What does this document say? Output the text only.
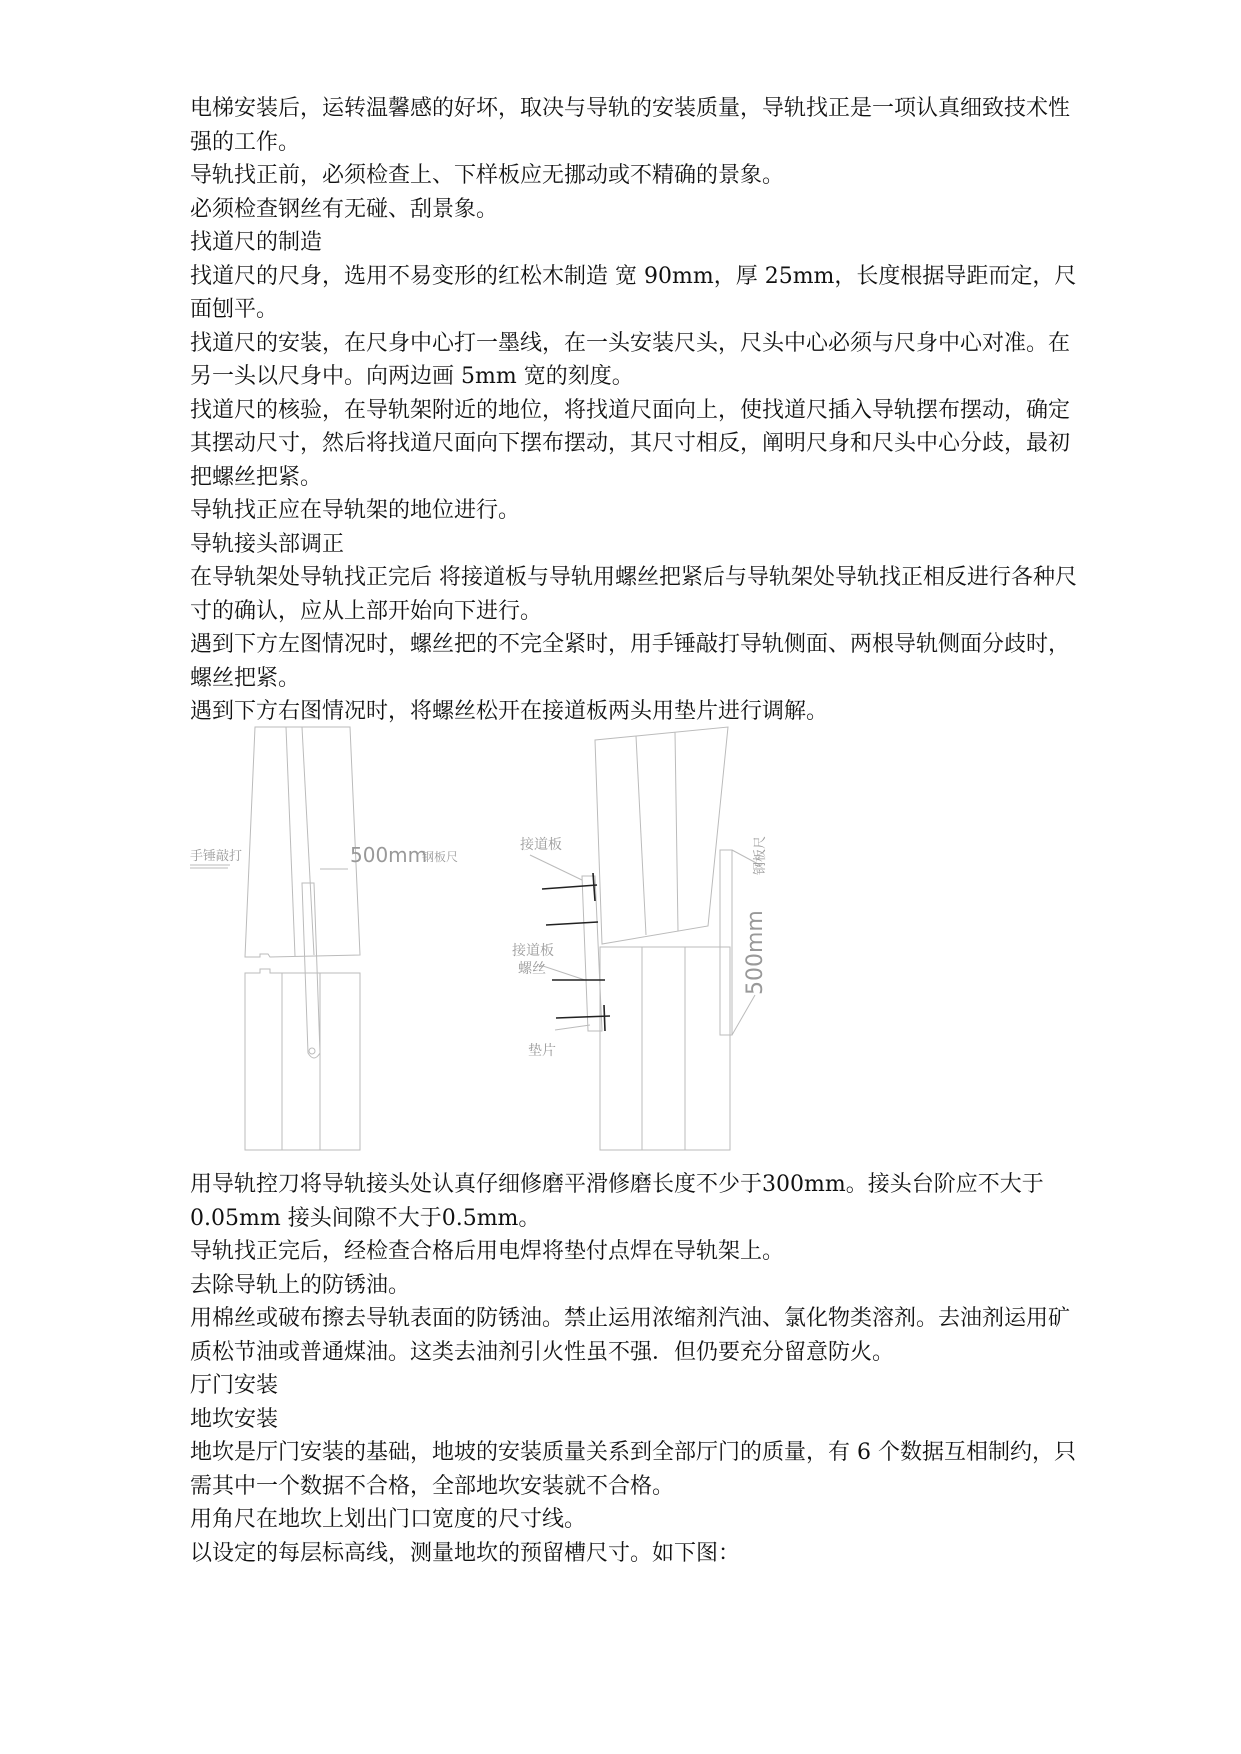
电梯安装后，运转温馨感的好坏，取决与导轨的安装质量，导轨找正是一项认真细致技术性强的工作。

导轨找正前，必须检查上、下样板应无挪动或不精确的景象。

必须检查钢丝有无碰、刮景象。

找道尺的制造

找道尺的尺身，选用不易变形的红松木制造 宽 90mm，厚 25mm，长度根据导距而定，尺面刨平。

找道尺的安装，在尺身中心打一墨线，在一头安装尺头，尺头中心必须与尺身中心对准。在另一头以尺身中。向两边画 5mm 宽的刻度。

找道尺的核验，在导轨架附近的地位，将找道尺面向上，使找道尺插入导轨摆布摆动，确定其摆动尺寸，然后将找道尺面向下摆布摆动，其尺寸相反，阐明尺身和尺头中心分歧，最初把螺丝把紧。

导轨找正应在导轨架的地位进行。

导轨接头部调正

在导轨架处导轨找正完后 将接道板与导轨用螺丝把紧后与导轨架处导轨找正相反进行各种尺寸的确认，应从上部开始向下进行。

遇到下方左图情况时，螺丝把的不完全紧时，用手锤敲打导轨侧面、两根导轨侧面分歧时，螺丝把紧。

遇到下方右图情况时，将螺丝松开在接道板两头用垫片进行调解。

手锤敲打	500mm
钢板尺
接道板
接道板
螺丝
垫片
500mm
钢板尺

用导轨控刀将导轨接头处认真仔细修磨平滑修磨长度不少于300mm。接头台阶应不大于 0.05mm 接头间隙不大于0.5mm。

导轨找正完后，经检查合格后用电焊将垫付点焊在导轨架上。

去除导轨上的防锈油。

用棉丝或破布擦去导轨表面的防锈油。禁止运用浓缩剂汽油、氯化物类溶剂。去油剂运用矿质松节油或普通煤油。这类去油剂引火性虽不强．但仍要充分留意防火。

厅门安装

地坎安装

地坎是厅门安装的基础，地坡的安装质量关系到全部厅门的质量，有 6 个数据互相制约，只需其中一个数据不合格，全部地坎安装就不合格。

用角尺在地坎上划出门口宽度的尺寸线。

以设定的每层标高线，测量地坎的预留槽尺寸。如下图：
